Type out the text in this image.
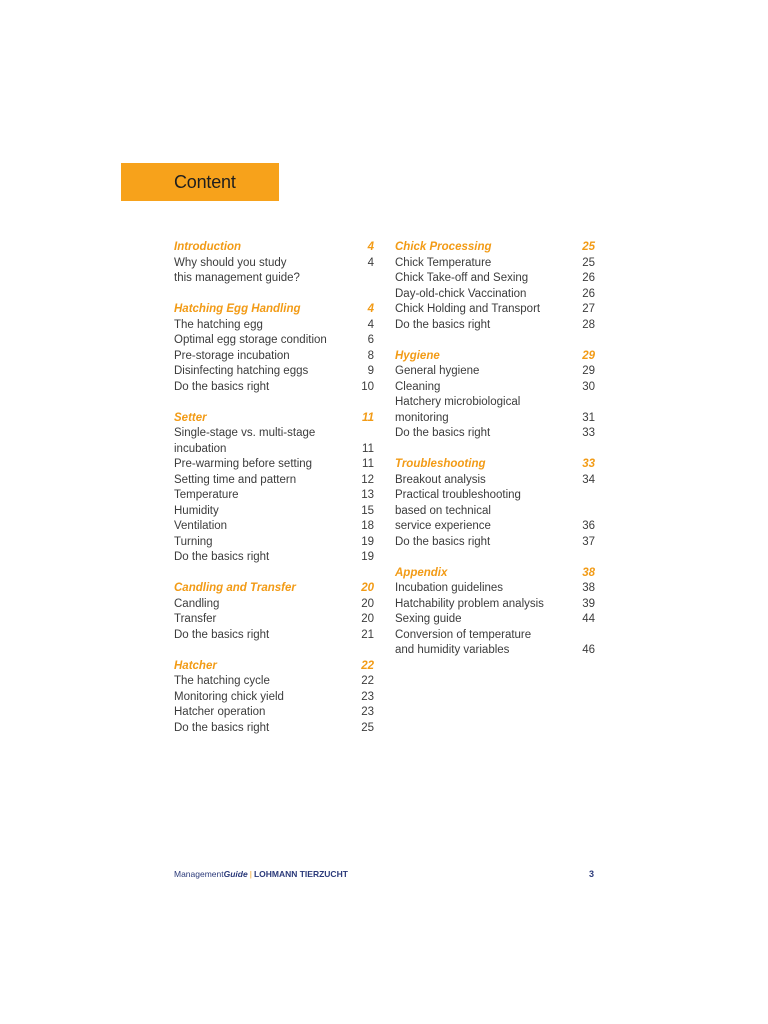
Content
Introduction	4
Why should you study	4
this management guide?
Hatching Egg Handling	4
The hatching egg	4
Optimal egg storage condition	6
Pre-storage incubation	8
Disinfecting hatching eggs	9
Do the basics right	10
Setter	11
Single-stage vs. multi-stage
incubation	11
Pre-warming before setting	11
Setting time and pattern	12
Temperature	13
Humidity	15
Ventilation	18
Turning	19
Do the basics right	19
Candling and Transfer	20
Candling	20
Transfer	20
Do the basics right	21
Hatcher	22
The hatching cycle	22
Monitoring chick yield	23
Hatcher operation	23
Do the basics right	25
Chick Processing	25
Chick Temperature	25
Chick Take-off and Sexing	26
Day-old-chick Vaccination	26
Chick Holding and Transport	27
Do the basics right	28
Hygiene	29
General hygiene	29
Cleaning	30
Hatchery microbiological
monitoring	31
Do the basics right	33
Troubleshooting	33
Breakout analysis	34
Practical troubleshooting
based on technical
service experience	36
Do the basics right	37
Appendix	38
Incubation guidelines	38
Hatchability problem analysis	39
Sexing guide	44
Conversion of temperature
and humidity variables	46
ManagementGuide | LOHMANN TIERZUCHT	3
